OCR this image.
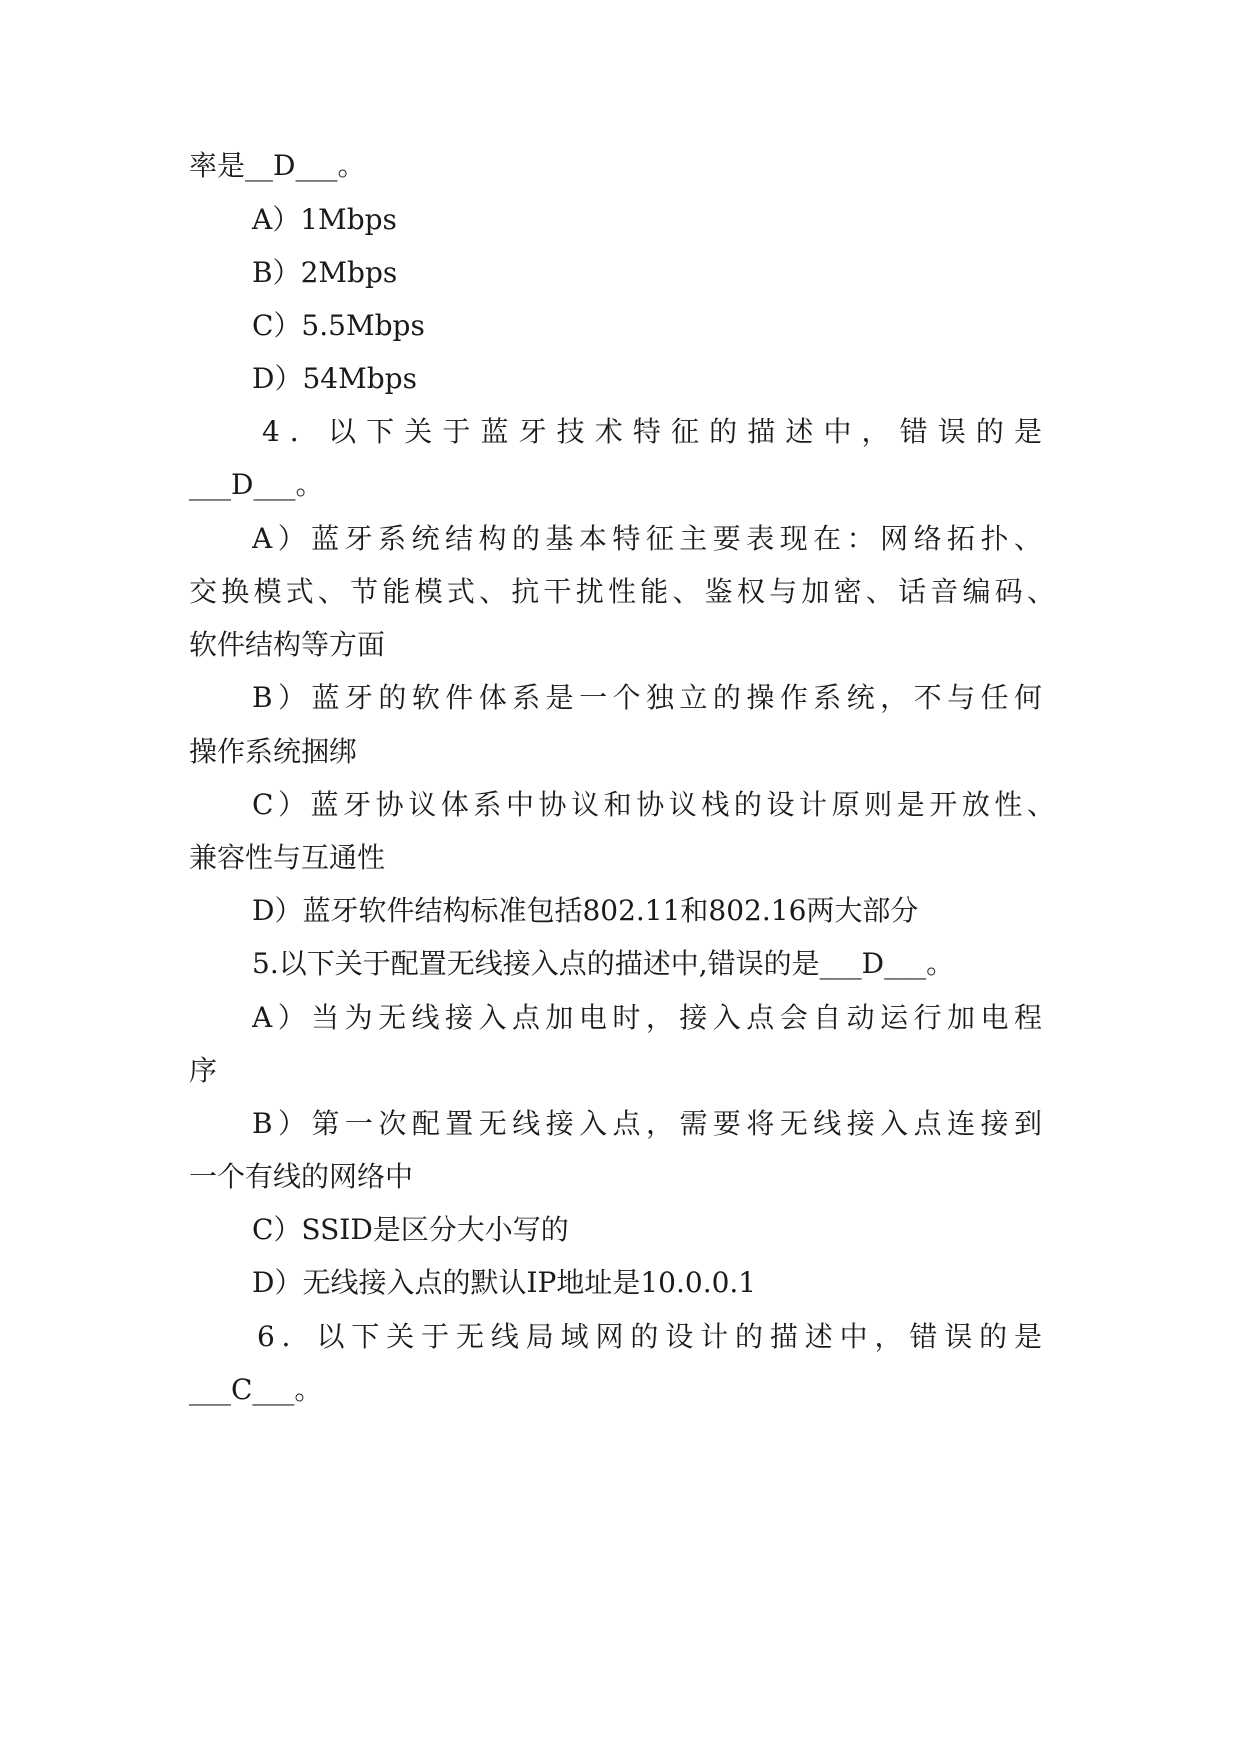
率是__D___。
A）1Mbps
B）2Mbps
C）5.5Mbps
D）54Mbps
4．以下关于蓝牙技术特征的描述中，错误的是
___D___。
A）蓝牙系统结构的基本特征主要表现在：网络拓扑、
交换模式、节能模式、抗干扰性能、鉴权与加密、话音编码、
软件结构等方面
B）蓝牙的软件体系是一个独立的操作系统，不与任何
操作系统捆绑
C）蓝牙协议体系中协议和协议栈的设计原则是开放性、
兼容性与互通性
D）蓝牙软件结构标准包括802.11和802.16两大部分
5.以下关于配置无线接入点的描述中,错误的是___D___。
A）当为无线接入点加电时，接入点会自动运行加电程
序
B）第一次配置无线接入点，需要将无线接入点连接到
一个有线的网络中
C）SSID是区分大小写的
D）无线接入点的默认IP地址是10.0.0.1
6．以下关于无线局域网的设计的描述中，错误的是
___C___。
